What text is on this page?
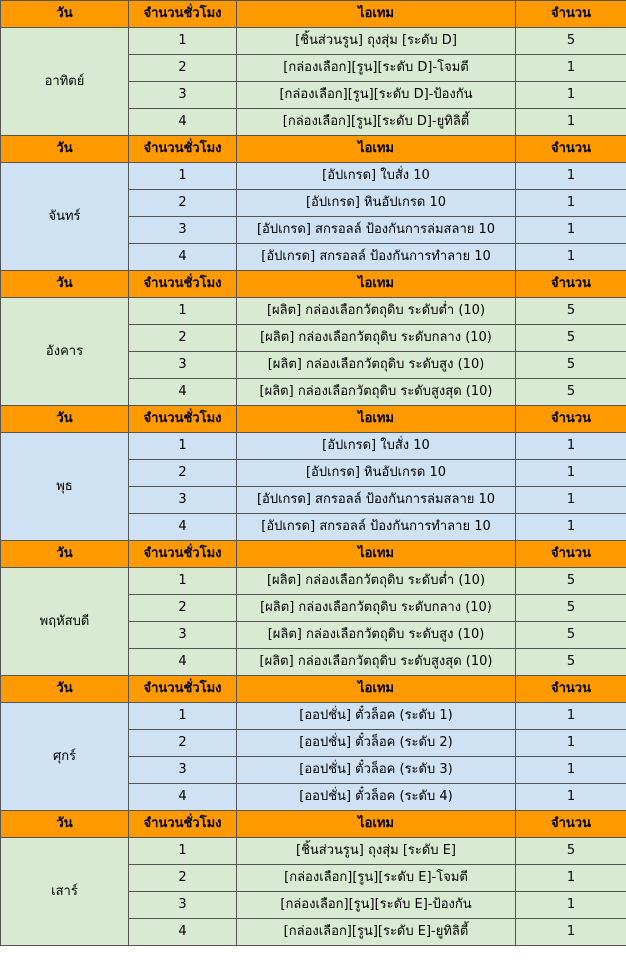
วัน	จำนวนชั่วโมง	ไอเทม	จำนวน
อาทิตย์	1	[ชิ้นส่วนรูน] ถุงสุ่ม [ระดับ D]	5
	2	[กล่องเลือก][รูน][ระดับ D]-โจมตี	1
	3	[กล่องเลือก][รูน][ระดับ D]-ป้องกัน	1
	4	[กล่องเลือก][รูน][ระดับ D]-ยูทิลิตี้	1
วัน	จำนวนชั่วโมง	ไอเทม	จำนวน
จันทร์	1	[อัปเกรด] ใบสั่ง 10	1
	2	[อัปเกรด] หินอัปเกรด 10	1
	3	[อัปเกรด] สกรอลล์ ป้องกันการล่มสลาย 10	1
	4	[อัปเกรด] สกรอลล์ ป้องกันการทำลาย 10	1
วัน	จำนวนชั่วโมง	ไอเทม	จำนวน
อังคาร	1	[ผลิต] กล่องเลือกวัตถุดิบ ระดับต่ำ (10)	5
	2	[ผลิต] กล่องเลือกวัตถุดิบ ระดับกลาง (10)	5
	3	[ผลิต] กล่องเลือกวัตถุดิบ ระดับสูง (10)	5
	4	[ผลิต] กล่องเลือกวัตถุดิบ ระดับสูงสุด (10)	5
วัน	จำนวนชั่วโมง	ไอเทม	จำนวน
พุธ	1	[อัปเกรด] ใบสั่ง 10	1
	2	[อัปเกรด] หินอัปเกรด 10	1
	3	[อัปเกรด] สกรอลล์ ป้องกันการล่มสลาย 10	1
	4	[อัปเกรด] สกรอลล์ ป้องกันการทำลาย 10	1
วัน	จำนวนชั่วโมง	ไอเทม	จำนวน
พฤหัสบดี	1	[ผลิต] กล่องเลือกวัตถุดิบ ระดับต่ำ (10)	5
	2	[ผลิต] กล่องเลือกวัตถุดิบ ระดับกลาง (10)	5
	3	[ผลิต] กล่องเลือกวัตถุดิบ ระดับสูง (10)	5
	4	[ผลิต] กล่องเลือกวัตถุดิบ ระดับสูงสุด (10)	5
วัน	จำนวนชั่วโมง	ไอเทม	จำนวน
ศุกร์	1	[ออปชั่น] ตั๋วล็อค (ระดับ 1)	1
	2	[ออปชั่น] ตั๋วล็อค (ระดับ 2)	1
	3	[ออปชั่น] ตั๋วล็อค (ระดับ 3)	1
	4	[ออปชั่น] ตั๋วล็อค (ระดับ 4)	1
วัน	จำนวนชั่วโมง	ไอเทม	จำนวน
เสาร์	1	[ชิ้นส่วนรูน] ถุงสุ่ม [ระดับ E]	5
	2	[กล่องเลือก][รูน][ระดับ E]-โจมตี	1
	3	[กล่องเลือก][รูน][ระดับ E]-ป้องกัน	1
	4	[กล่องเลือก][รูน][ระดับ E]-ยูทิลิตี้	1
